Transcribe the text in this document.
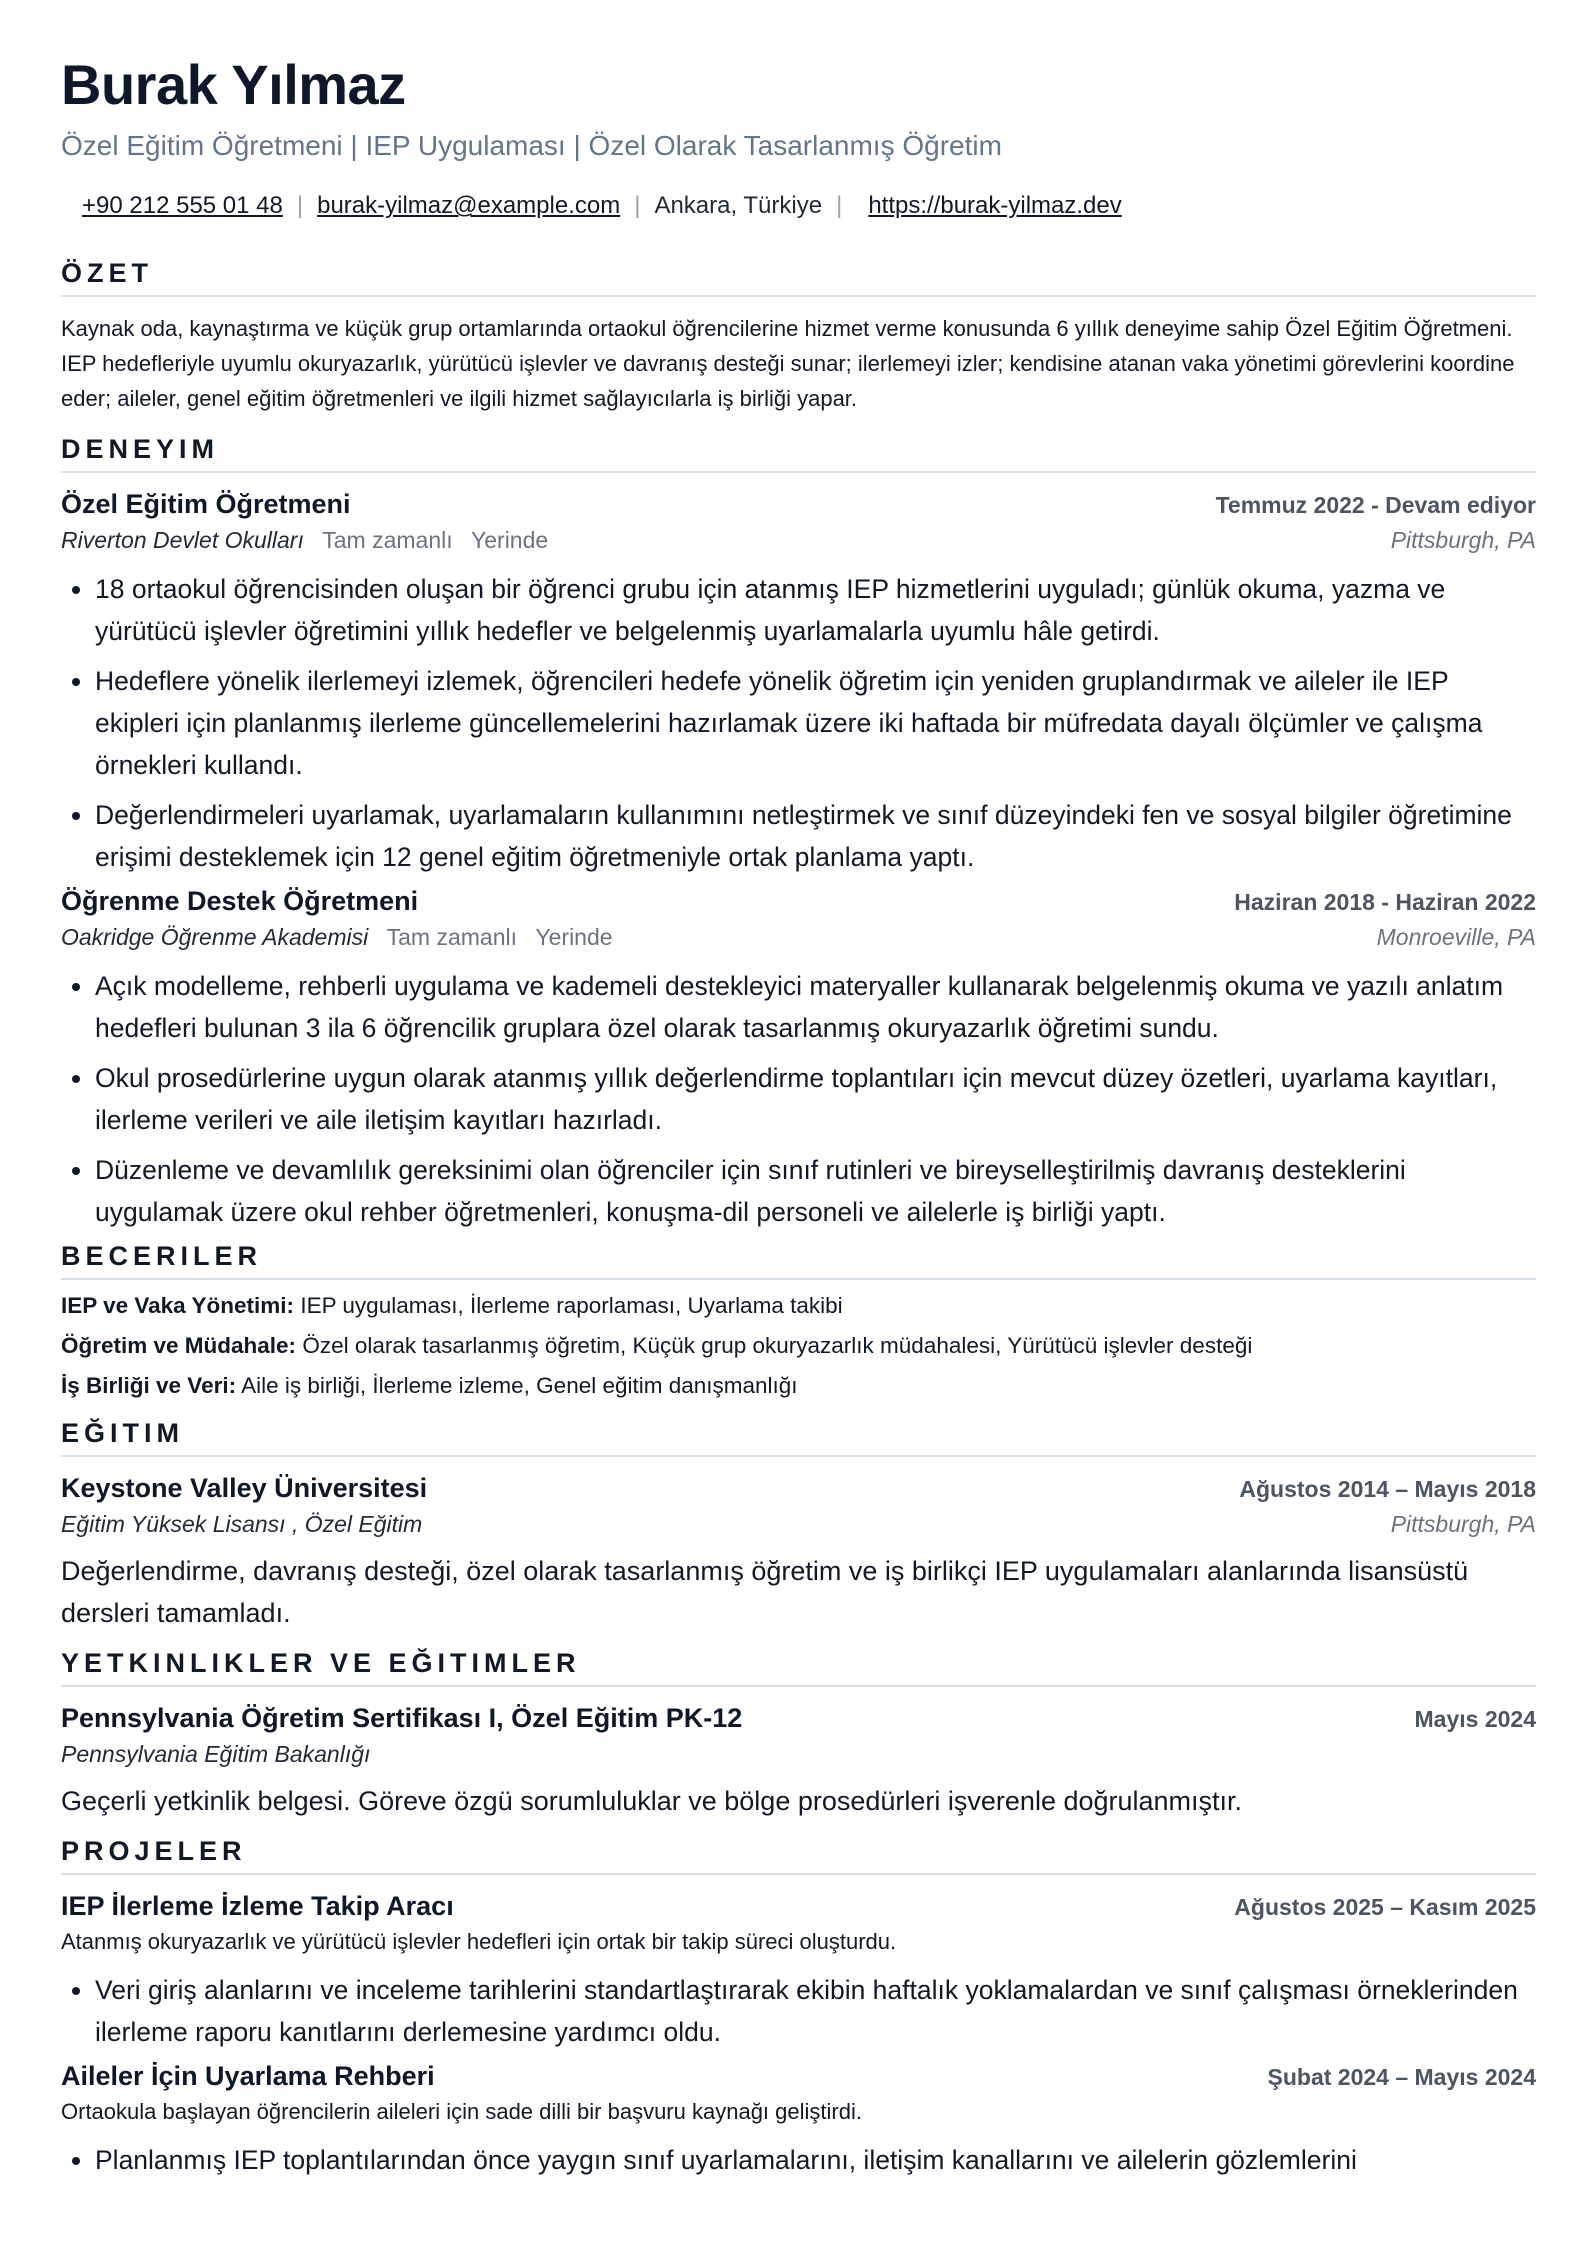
Burak Yılmaz
Özel Eğitim Öğretmeni | IEP Uygulaması | Özel Olarak Tasarlanmış Öğretim
+90 212 555 01 48 | burak-yilmaz@example.com | Ankara, Türkiye | https://burak-yilmaz.dev
ÖZET
Kaynak oda, kaynaştırma ve küçük grup ortamlarında ortaokul öğrencilerine hizmet verme konusunda 6 yıllık deneyime sahip Özel Eğitim Öğretmeni. IEP hedefleriyle uyumlu okuryazarlık, yürütücü işlevler ve davranış desteği sunar; ilerlemeyi izler; kendisine atanan vaka yönetimi görevlerini koordine eder; aileler, genel eğitim öğretmenleri ve ilgili hizmet sağlayıcılarla iş birliği yapar.
DENEYIM
Özel Eğitim Öğretmeni	Temmuz 2022 - Devam ediyor
Riverton Devlet Okulları Tam zamanlı Yerinde	Pittsburgh, PA
• 18 ortaokul öğrencisinden oluşan bir öğrenci grubu için atanmış IEP hizmetlerini uyguladı; günlük okuma, yazma ve yürütücü işlevler öğretimini yıllık hedefler ve belgelenmiş uyarlamalarla uyumlu hâle getirdi.
• Hedeflere yönelik ilerlemeyi izlemek, öğrencileri hedefe yönelik öğretim için yeniden gruplandırmak ve aileler ile IEP ekipleri için planlanmış ilerleme güncellemelerini hazırlamak üzere iki haftada bir müfredata dayalı ölçümler ve çalışma örnekleri kullandı.
• Değerlendirmeleri uyarlamak, uyarlamaların kullanımını netleştirmek ve sınıf düzeyindeki fen ve sosyal bilgiler öğretimine erişimi desteklemek için 12 genel eğitim öğretmeniyle ortak planlama yaptı.
Öğrenme Destek Öğretmeni	Haziran 2018 - Haziran 2022
Oakridge Öğrenme Akademisi Tam zamanlı Yerinde	Monroeville, PA
• Açık modelleme, rehberli uygulama ve kademeli destekleyici materyaller kullanarak belgelenmiş okuma ve yazılı anlatım hedefleri bulunan 3 ila 6 öğrencilik gruplara özel olarak tasarlanmış okuryazarlık öğretimi sundu.
• Okul prosedürlerine uygun olarak atanmış yıllık değerlendirme toplantıları için mevcut düzey özetleri, uyarlama kayıtları, ilerleme verileri ve aile iletişim kayıtları hazırladı.
• Düzenleme ve devamlılık gereksinimi olan öğrenciler için sınıf rutinleri ve bireyselleştirilmiş davranış desteklerini uygulamak üzere okul rehber öğretmenleri, konuşma-dil personeli ve ailelerle iş birliği yaptı.
BECERILER
IEP ve Vaka Yönetimi: IEP uygulaması, İlerleme raporlaması, Uyarlama takibi
Öğretim ve Müdahale: Özel olarak tasarlanmış öğretim, Küçük grup okuryazarlık müdahalesi, Yürütücü işlevler desteği
İş Birliği ve Veri: Aile iş birliği, İlerleme izleme, Genel eğitim danışmanlığı
EĞITIM
Keystone Valley Üniversitesi	Ağustos 2014 – Mayıs 2018
Eğitim Yüksek Lisansı , Özel Eğitim	Pittsburgh, PA
Değerlendirme, davranış desteği, özel olarak tasarlanmış öğretim ve iş birlikçi IEP uygulamaları alanlarında lisansüstü dersleri tamamladı.
YETKINLIKLER VE EĞITIMLER
Pennsylvania Öğretim Sertifikası I, Özel Eğitim PK-12	Mayıs 2024
Pennsylvania Eğitim Bakanlığı
Geçerli yetkinlik belgesi. Göreve özgü sorumluluklar ve bölge prosedürleri işverenle doğrulanmıştır.
PROJELER
IEP İlerleme İzleme Takip Aracı	Ağustos 2025 – Kasım 2025
Atanmış okuryazarlık ve yürütücü işlevler hedefleri için ortak bir takip süreci oluşturdu.
• Veri giriş alanlarını ve inceleme tarihlerini standartlaştırarak ekibin haftalık yoklamalardan ve sınıf çalışması örneklerinden ilerleme raporu kanıtlarını derlemesine yardımcı oldu.
Aileler İçin Uyarlama Rehberi	Şubat 2024 – Mayıs 2024
Ortaokula başlayan öğrencilerin aileleri için sade dilli bir başvuru kaynağı geliştirdi.
• Planlanmış IEP toplantılarından önce yaygın sınıf uyarlamalarını, iletişim kanallarını ve ailelerin gözlemlerini
